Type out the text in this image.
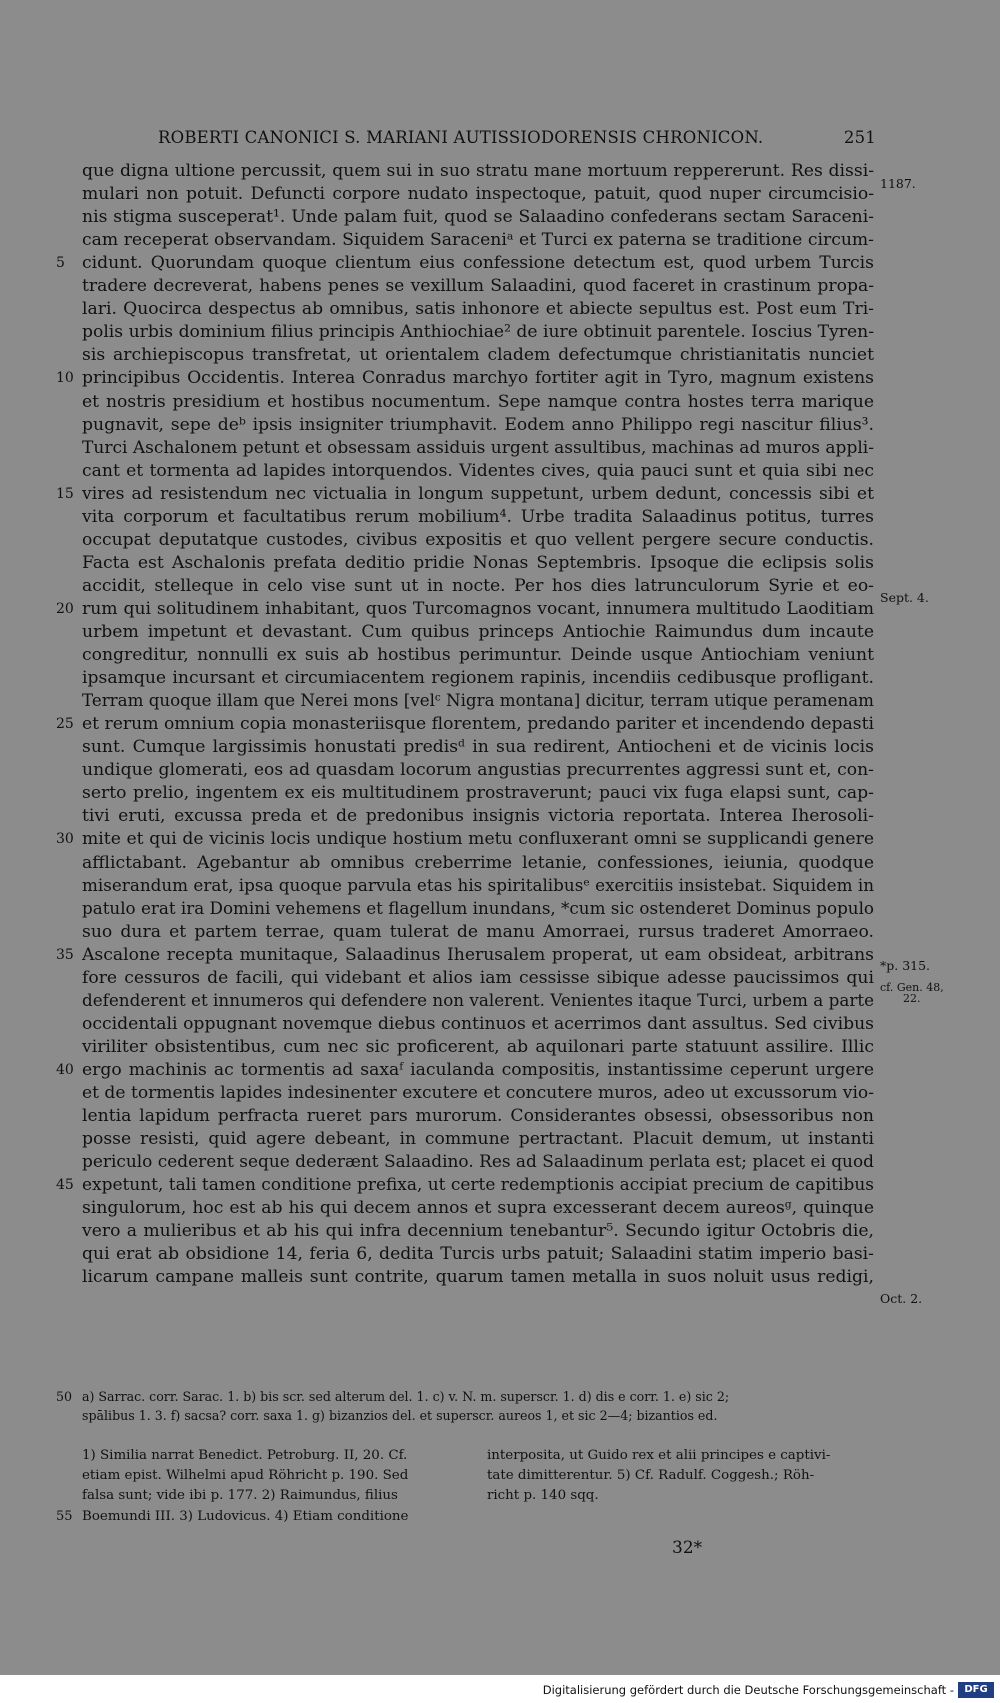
ROBERTI CANONICI S. MARIANI AUTISSIODORENSIS CHRONICON.	251
que digna ultione percussit, quem sui in suo stratu mane mortuum reppererunt. Res dissi-
mulari non potuit. Defuncti corpore nudato inspectoque, patuit, quod nuper circumcisio-
nis stigma susceperat¹. Unde palam fuit, quod se Salaadino confederans sectam Saraceni-
cam receperat observandam. Siquidem Saraceniᵃ et Turci ex paterna se traditione circum-
cidunt. Quorundam quoque clientum eius confessione detectum est, quod urbem Turcis
tradere decreverat, habens penes se vexillum Salaadini, quod faceret in crastinum propa-
lari. Quocirca despectus ab omnibus, satis inhonore et abiecte sepultus est. Post eum Tri-
polis urbis dominium filius principis Anthiochiae² de iure obtinuit parentele. Ioscius Tyren-
sis archiepiscopus transfretat, ut orientalem cladem defectumque christianitatis nunciet
principibus Occidentis. Interea Conradus marchyo fortiter agit in Tyro, magnum existens
et nostris presidium et hostibus nocumentum. Sepe namque contra hostes terra marique
pugnavit, sepe deᵇ ipsis insigniter triumphavit. Eodem anno Philippo regi nascitur filius³.
Turci Aschalonem petunt et obsessam assiduis urgent assultibus, machinas ad muros appli-
cant et tormenta ad lapides intorquendos. Videntes cives, quia pauci sunt et quia sibi nec
vires ad resistendum nec victualia in longum suppetunt, urbem dedunt, concessis sibi et
vita corporum et facultatibus rerum mobilium⁴. Urbe tradita Salaadinus potitus, turres
occupat deputatque custodes, civibus expositis et quo vellent pergere secure conductis.
Facta est Aschalonis prefata deditio pridie Nonas Septembris. Ipsoque die eclipsis solis
accidit, stelleque in celo vise sunt ut in nocte. Per hos dies latrunculorum Syrie et eo-
rum qui solitudinem inhabitant, quos Turcomagnos vocant, innumera multitudo Laoditiam
urbem impetunt et devastant. Cum quibus princeps Antiochie Raimundus dum incaute
congreditur, nonnulli ex suis ab hostibus perimuntur. Deinde usque Antiochiam veniunt
ipsamque incursant et circumiacentem regionem rapinis, incendiis cedibusque profligant.
Terram quoque illam que Nerei mons [velᶜ Nigra montana] dicitur, terram utique peramenam
et rerum omnium copia monasteriisque florentem, predando pariter et incendendo depasti
sunt. Cumque largissimis honustati predisᵈ in sua redirent, Antiocheni et de vicinis locis
undique glomerati, eos ad quasdam locorum angustias precurrentes aggressi sunt et, con-
serto prelio, ingentem ex eis multitudinem prostraverunt; pauci vix fuga elapsi sunt, cap-
tivi eruti, excussa preda et de predonibus insignis victoria reportata. Interea Iherosoli-
mite et qui de vicinis locis undique hostium metu confluxerant omni se supplicandi genere
afflictabant. Agebantur ab omnibus creberrime letanie, confessiones, ieiunia, quodque
miserandum erat, ipsa quoque parvula etas his spiritalibusᵉ exercitiis insistebat. Siquidem in
patulo erat ira Domini vehemens et flagellum inundans, *cum sic ostenderet Dominus populo
suo dura et partem terrae, quam tulerat de manu Amorraei, rursus traderet Amorraeo.
Ascalone recepta munitaque, Salaadinus Iherusalem properat, ut eam obsideat, arbitrans
fore cessuros de facili, qui videbant et alios iam cessisse sibique adesse paucissimos qui
defenderent et innumeros qui defendere non valerent. Venientes itaque Turci, urbem a parte
occidentali oppugnant novemque diebus continuos et acerrimos dant assultus. Sed civibus
viriliter obsistentibus, cum nec sic proficerent, ab aquilonari parte statuunt assilire. Illic
ergo machinis ac tormentis ad saxaᶠ iaculanda compositis, instantissime ceperunt urgere
et de tormentis lapides indesinenter excutere et concutere muros, adeo ut excussorum vio-
lentia lapidum perfracta rueret pars murorum. Considerantes obsessi, obsessoribus non
posse resisti, quid agere debeant, in commune pertractant. Placuit demum, ut instanti
periculo cederent seque dederænt Salaadino. Res ad Salaadinum perlata est; placet ei quod
expetunt, tali tamen conditione prefixa, ut certe redemptionis accipiat precium de capitibus
singulorum, hoc est ab his qui decem annos et supra excesserant decem aureosᵍ, quinque
vero a mulieribus et ab his qui infra decennium tenebantur⁵. Secundo igitur Octobris die,
qui erat ab obsidione 14, feria 6, dedita Turcis urbs patuit; Salaadini statim imperio basi-
licarum campane malleis sunt contrite, quarum tamen metalla in suos noluit usus redigi,
5
10
15
20
25
30
35
40
45
1187.
Sept. 4.
*p. 315.
cf. Gen. 48,
22.
Oct. 2.
50 a) Sarrac. corr. Sarac. 1. b) bis scr. sed alterum del. 1. c) v. N. m. superscr. 1. d) dis e corr. 1. e) sic 2;
spālibus 1. 3. f) sacsa? corr. saxa 1. g) bizanzios del. et superscr. aureos 1, et sic 2—4; bizantios ed.
1) Similia narrat Benedict. Petroburg. II, 20. Cf.
etiam epist. Wilhelmi apud Röhricht p. 190. Sed
falsa sunt; vide ibi p. 177. 2) Raimundus, filius
55 Boemundi III. 3) Ludovicus. 4) Etiam conditione
interposita, ut Guido rex et alii principes e captivi-
tate dimitterentur. 5) Cf. Radulf. Coggesh.; Röh-
richt p. 140 sqq.
32*
Digitalisierung gefördert durch die Deutsche Forschungsgemeinschaft -	DFG
